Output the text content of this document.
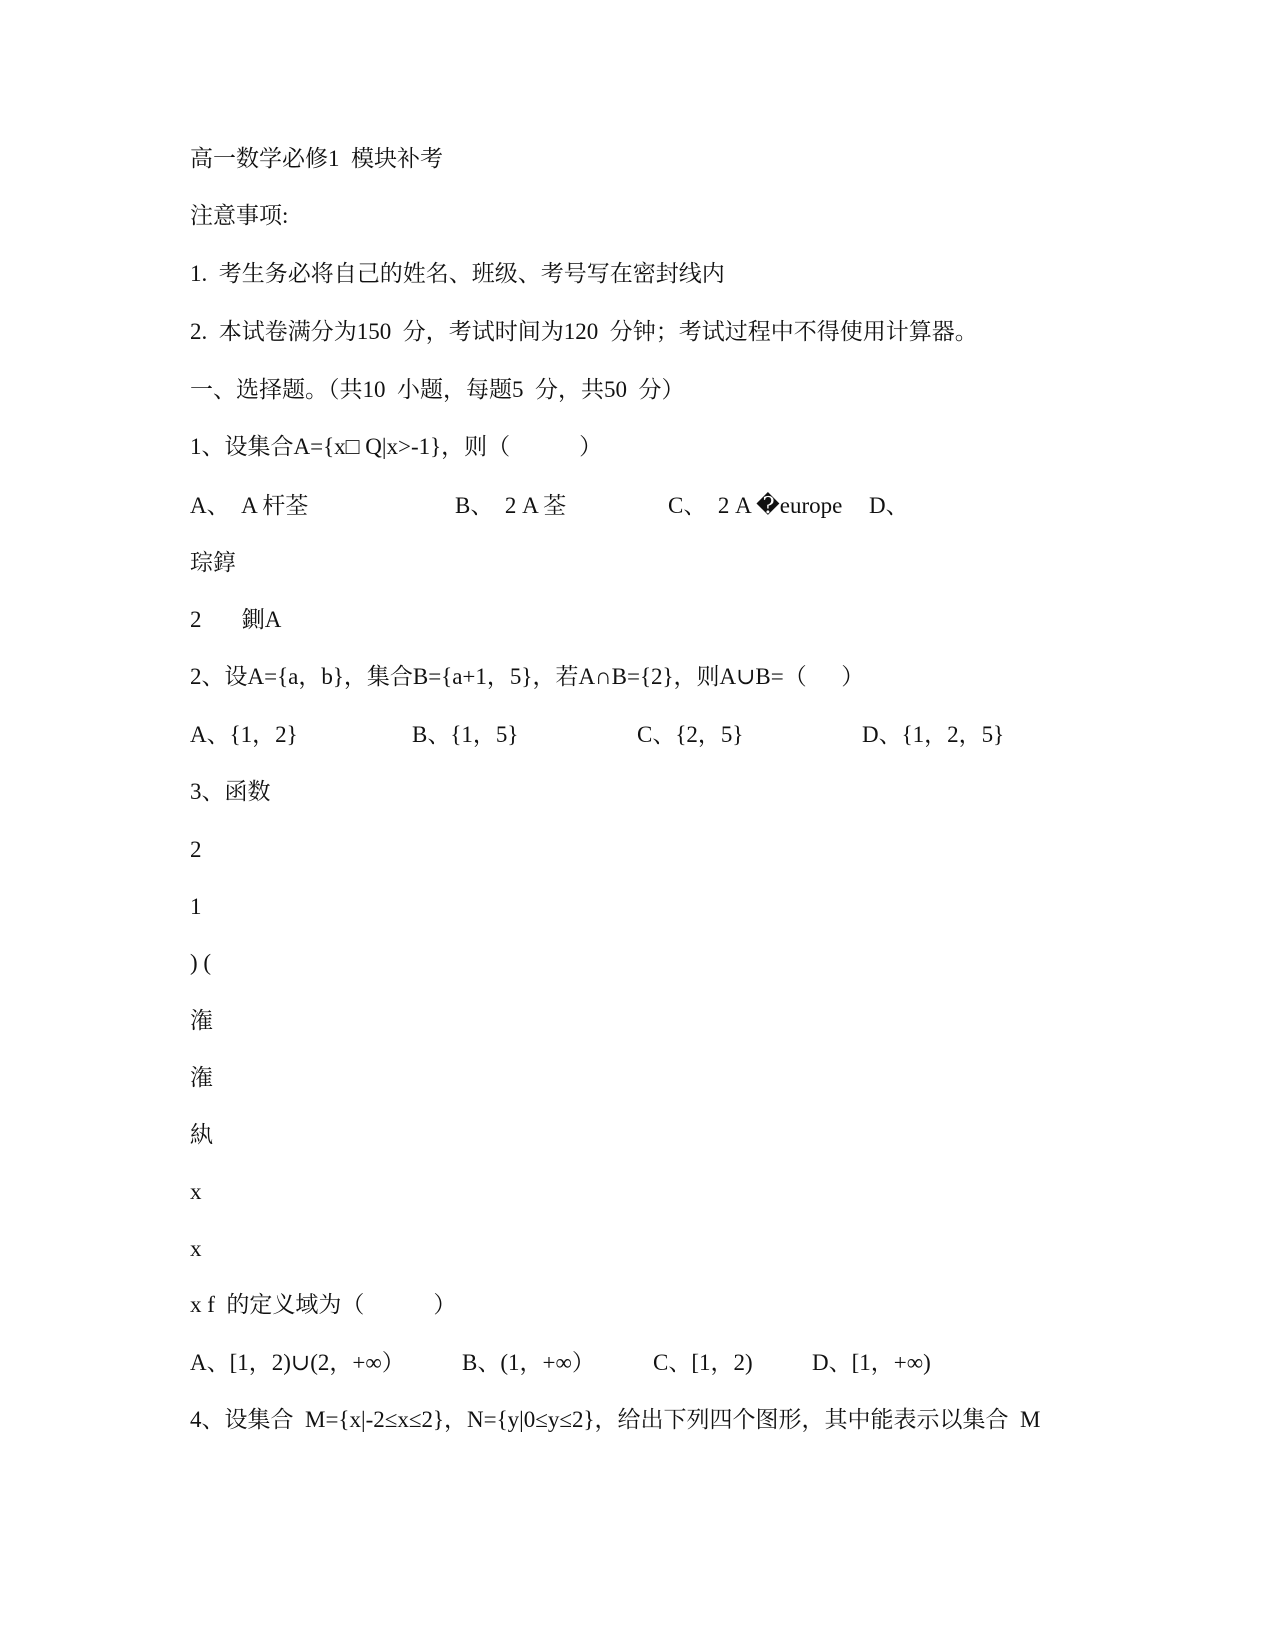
高一数学必修1  模块补考
注意事项:
1.  考生务必将自己的姓名、班级、考号写在密封线内
2.  本试卷满分为150  分，考试时间为120  分钟；考试过程中不得使用计算器。
一、选择题。（共10  小题，每题5  分，共50  分）
1、设集合A={x□ Q|x>-1}，则（            ）
A、  A 杆荃	B、  2 A 荃	C、  2 A �europe D、
琮錞
2       鍘A
2、设A={a，b}，集合B={a+1，5}，若A∩B={2}，则A∪B=（      ）
A、{1，2}	B、{1，5}	C、{2，5}	D、{1，2，5}
3、函数
2
1
) (
潅
潅
紈
x
x
x f  的定义域为（            ）
A、[1，2)∪(2，+∞） B、(1，+∞）	C、[1，2)	D、[1，+∞)
4、设集合  M={x|-2≤x≤2}，N={y|0≤y≤2}，给出下列四个图形，其中能表示以集合  M
